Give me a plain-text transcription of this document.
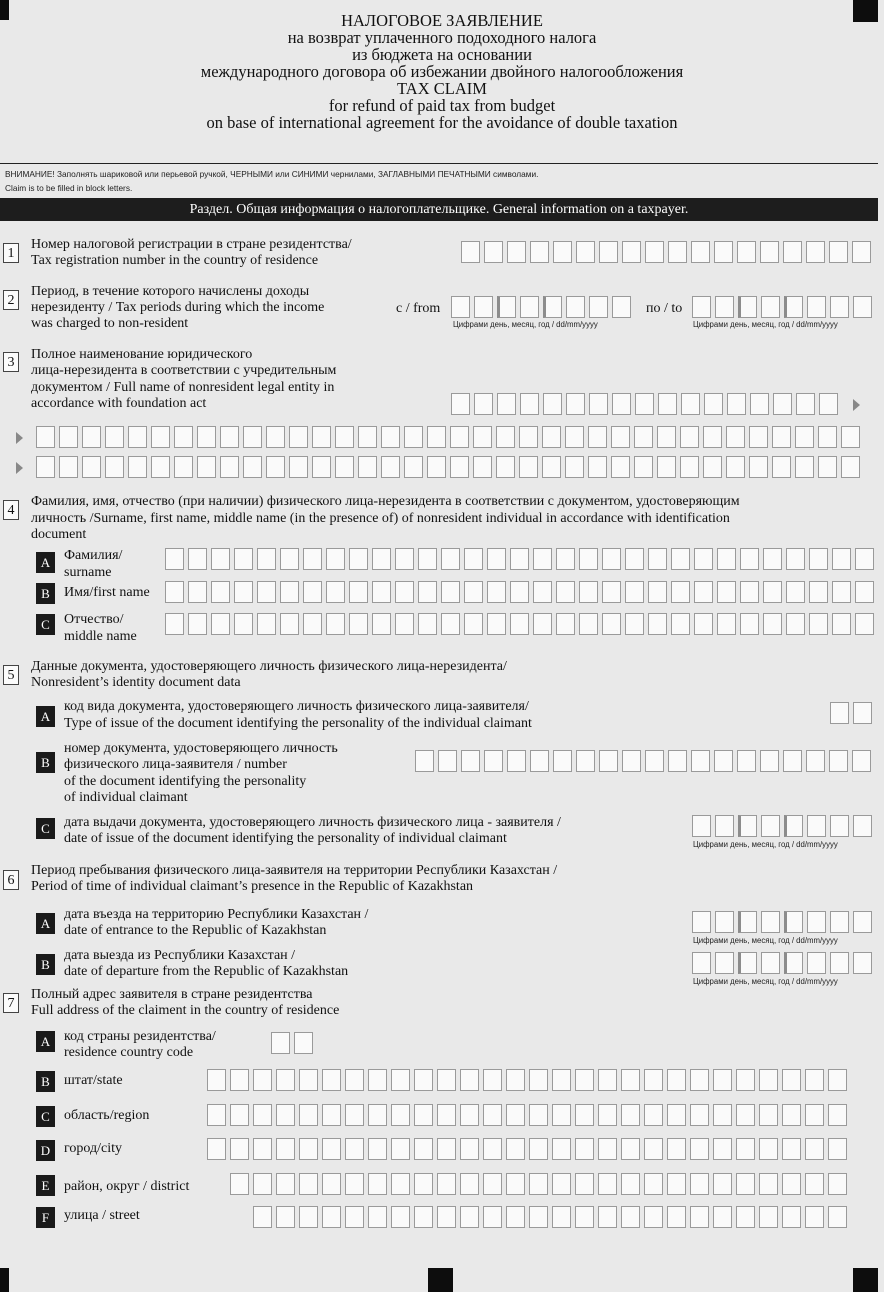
НАЛОГОВОЕ ЗАЯВЛЕНИЕ
на возврат уплаченного подоходного налога
из бюджета на основании
международного договора об избежании двойного налогообложения
TAX CLAIM
for refund of paid tax from budget
on base of international agreement for the avoidance of double taxation
ВНИМАНИЕ! Заполнять шариковой или перьевой ручкой, ЧЕРНЫМИ или СИНИМИ чернилами, ЗАГЛАВНЫМИ ПЕЧАТНЫМИ символами.
Claim is to be filled in block letters.
Раздел. Общая информация о налогоплательщике. General information on a taxpayer.
1
Номер налоговой регистрации в стране резидентства/
Tax registration number in the country of residence
2
Период, в течение которого начислены доходы
нерезиденту / Tax periods during which the income
was charged to non-resident
с / from
Цифрами день, месяц, год / dd/mm/yyyy
по / to
Цифрами день, месяц, год / dd/mm/yyyy
3
Полное наименование юридического
лица-нерезидента в соответствии с учредительным
документом / Full name of nonresident legal entity in
accordance with foundation act
4
Фамилия, имя, отчество (при наличии) физического лица-нерезидента в соответствии с документом, удостоверяющим
личность /Surname, first name, middle name (in the presence of) of nonresident individual in accordance with identification
document
A Фамилия/
surname
B	Имя/first name
C	Отчество/
middle name
5
Данные документа, удостоверяющего личность физического лица-нерезидента/
Nonresident’s identity document data
A
код вида документа, удостоверяющего личность физического лица-заявителя/
Type of issue of the document identifying the personality of the individual claimant
B
номер документа, удостоверяющего личность
физического лица-заявителя / number
of the document identifying the personality
of individual claimant
C	дата выдачи документа, удостоверяющего личность физического лица - заявителя /
date of issue of the document identifying the personality of individual claimant	Цифрами день, месяц, год / dd/mm/yyyy
6
Период пребывания физического лица-заявителя на территории Республики Казахстан /
Period of time of individual claimant’s presence in the Republic of Kazakhstan
A
дата въезда на территорию Республики Казахстан /
date of entrance to the Republic of Kazakhstan
Цифрами день, месяц, год / dd/mm/yyyy
B
дата выезда из Республики Казахстан /
date of departure from the Republic of Kazakhstan
Цифрами день, месяц, год / dd/mm/yyyy
7
Полный адрес заявителя в стране резидентства
Full address of the claiment in the country of residence
A код страны резидентства/
residence country code
B	штат/state
C	область/region
D город/city
E	район, округ / district
F	улица / street
